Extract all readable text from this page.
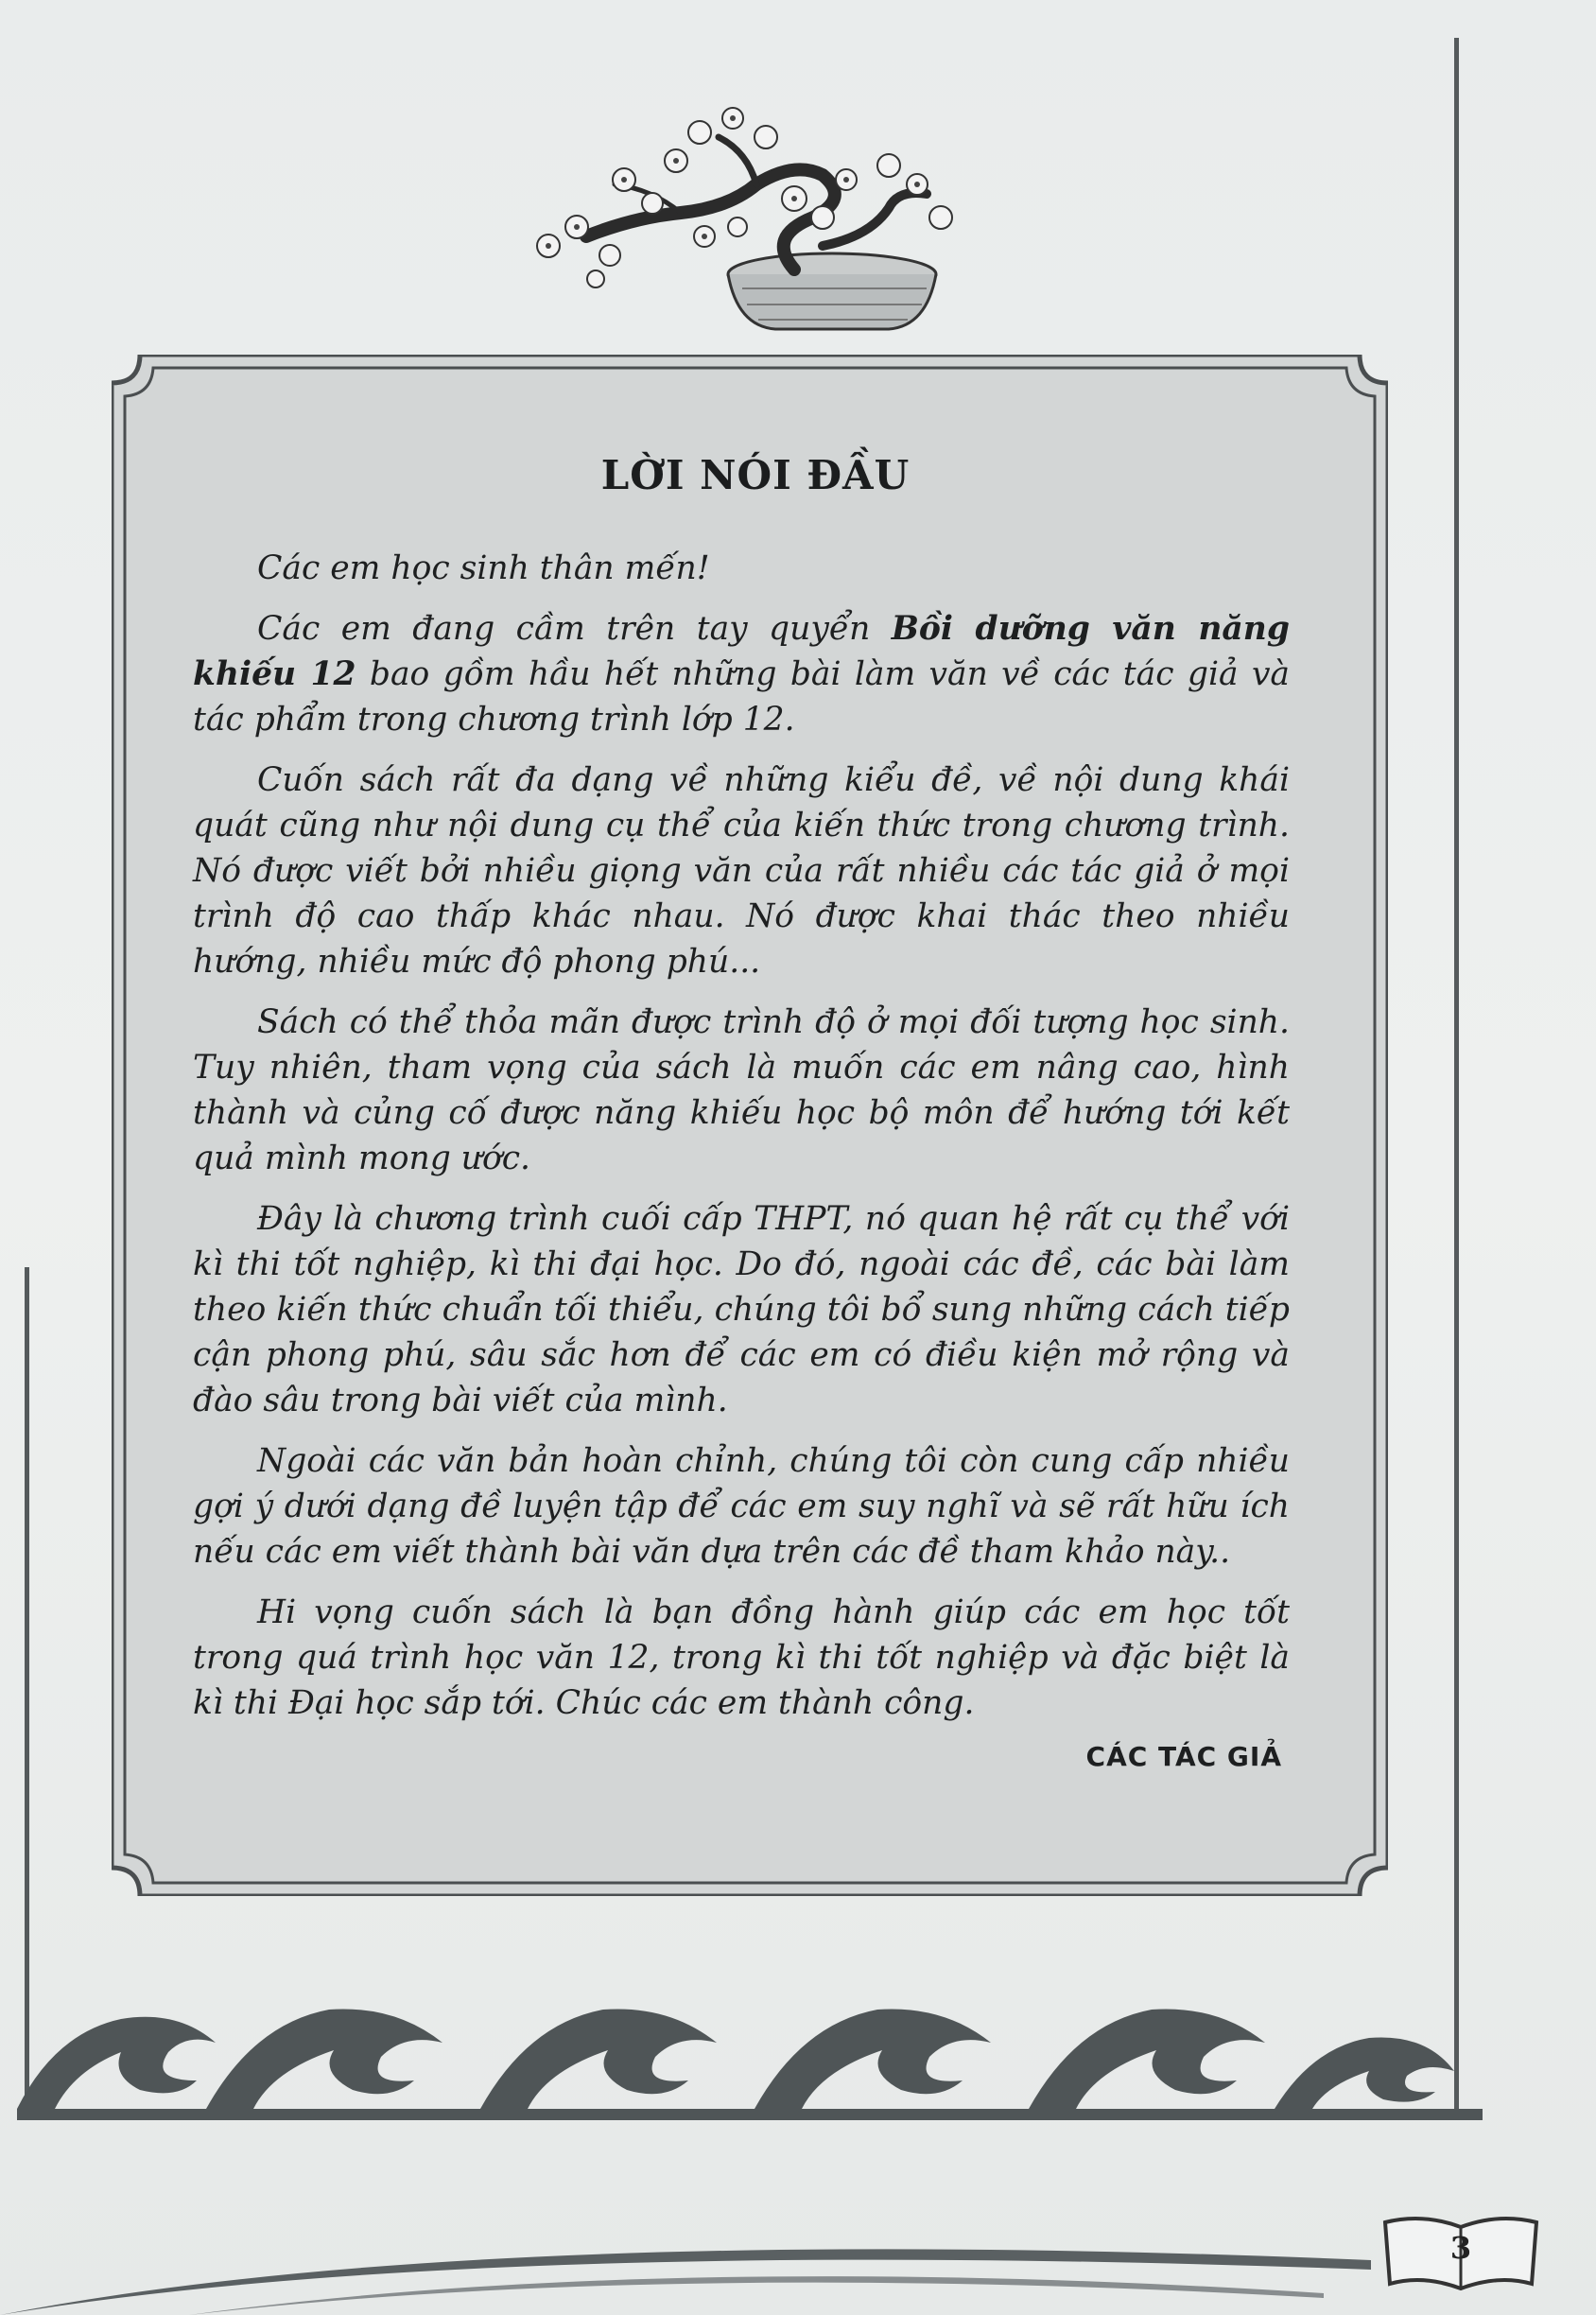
LỜI NÓI ĐẦU

Các em học sinh thân mến!

Các em đang cầm trên tay quyển Bồi dưỡng văn năng khiếu 12 bao gồm hầu hết những bài làm văn về các tác giả và tác phẩm trong chương trình lớp 12.

Cuốn sách rất đa dạng về những kiểu đề, về nội dung khái quát cũng như nội dung cụ thể của kiến thức trong chương trình. Nó được viết bởi nhiều giọng văn của rất nhiều các tác giả ở mọi trình độ cao thấp khác nhau. Nó được khai thác theo nhiều hướng, nhiều mức độ phong phú...

Sách có thể thỏa mãn được trình độ ở mọi đối tượng học sinh. Tuy nhiên, tham vọng của sách là muốn các em nâng cao, hình thành và củng cố được năng khiếu học bộ môn để hướng tới kết quả mình mong ước.

Đây là chương trình cuối cấp THPT, nó quan hệ rất cụ thể với kì thi tốt nghiệp, kì thi đại học. Do đó, ngoài các đề, các bài làm theo kiến thức chuẩn tối thiểu, chúng tôi bổ sung những cách tiếp cận phong phú, sâu sắc hơn để các em có điều kiện mở rộng và đào sâu trong bài viết của mình.

Ngoài các văn bản hoàn chỉnh, chúng tôi còn cung cấp nhiều gợi ý dưới dạng đề luyện tập để các em suy nghĩ và sẽ rất hữu ích nếu các em viết thành bài văn dựa trên các đề tham khảo này..

Hi vọng cuốn sách là bạn đồng hành giúp các em học tốt trong quá trình học văn 12, trong kì thi tốt nghiệp và đặc biệt là kì thi Đại học sắp tới. Chúc các em thành công.

CÁC TÁC GIẢ
3
